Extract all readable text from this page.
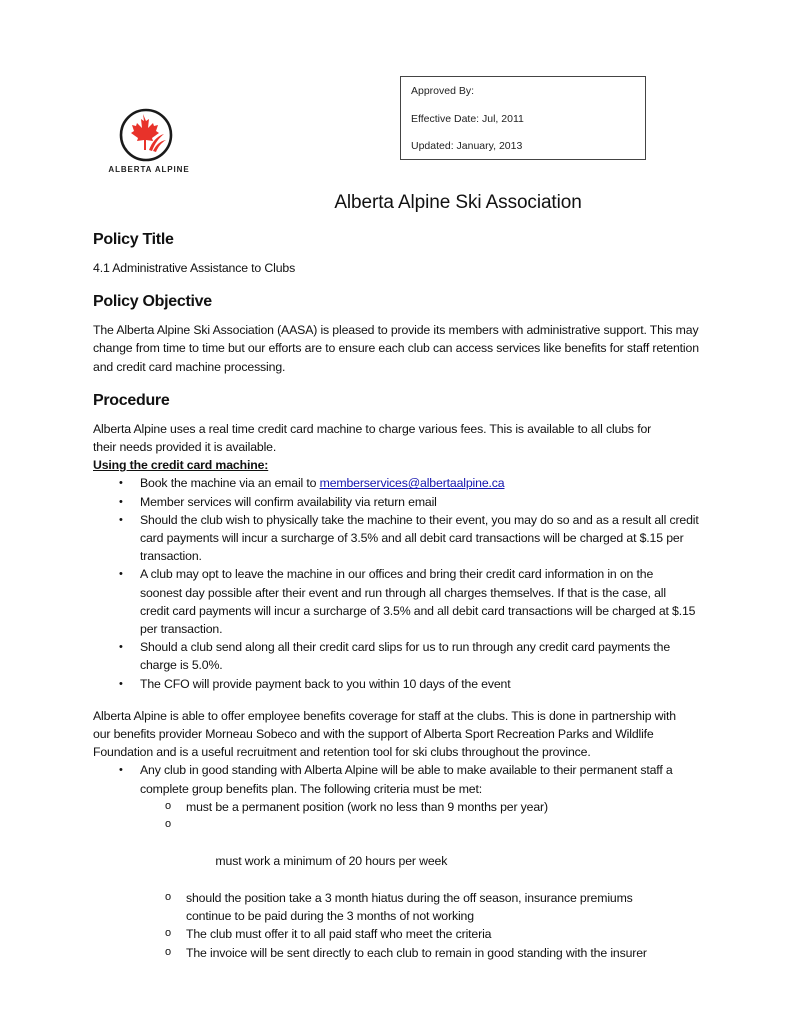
ALBERTA ALPINE
Approved By:
Effective Date: Jul, 2011
Updated: January, 2013
Alberta Alpine Ski Association
Policy Title

4.1 Administrative Assistance to Clubs

Policy Objective

The Alberta Alpine Ski Association (AASA) is pleased to provide its members with administrative support. This may change from time to time but our efforts are to ensure each club can access services like benefits for staff retention and credit card machine processing.

Procedure

Alberta Alpine uses a real time credit card machine to charge various fees. This is available to all clubs for their needs provided it is available.

Using the credit card machine:

• Book the machine via an email to memberservices@albertaalpine.ca
• Member services will confirm availability via return email
• Should the club wish to physically take the machine to their event, you may do so and as a result all credit card payments will incur a surcharge of 3.5% and all debit card transactions will be charged at $.15 per transaction.
• A club may opt to leave the machine in our offices and bring their credit card information in on the soonest day possible after their event and run through all charges themselves. If that is the case, all credit card payments will incur a surcharge of 3.5% and all debit card transactions will be charged at $.15 per transaction.
• Should a club send along all their credit card slips for us to run through any credit card payments the charge is 5.0%.
• The CFO will provide payment back to you within 10 days of the event

Alberta Alpine is able to offer employee benefits coverage for staff at the clubs. This is done in partnership with our benefits provider Morneau Sobeco and with the support of Alberta Sport Recreation Parks and Wildlife Foundation and is a useful recruitment and retention tool for ski clubs throughout the province.

• Any club in good standing with Alberta Alpine will be able to make available to their permanent staff a complete group benefits plan. The following criteria must be met:
o must be a permanent position (work no less than 9 months per year)

o

must work a minimum of 20 hours per week

o should the position take a 3 month hiatus during the off season, insurance premiums continue to be paid during the 3 months of not working
o The club must offer it to all paid staff who meet the criteria
o The invoice will be sent directly to each club to remain in good standing with the insurer
